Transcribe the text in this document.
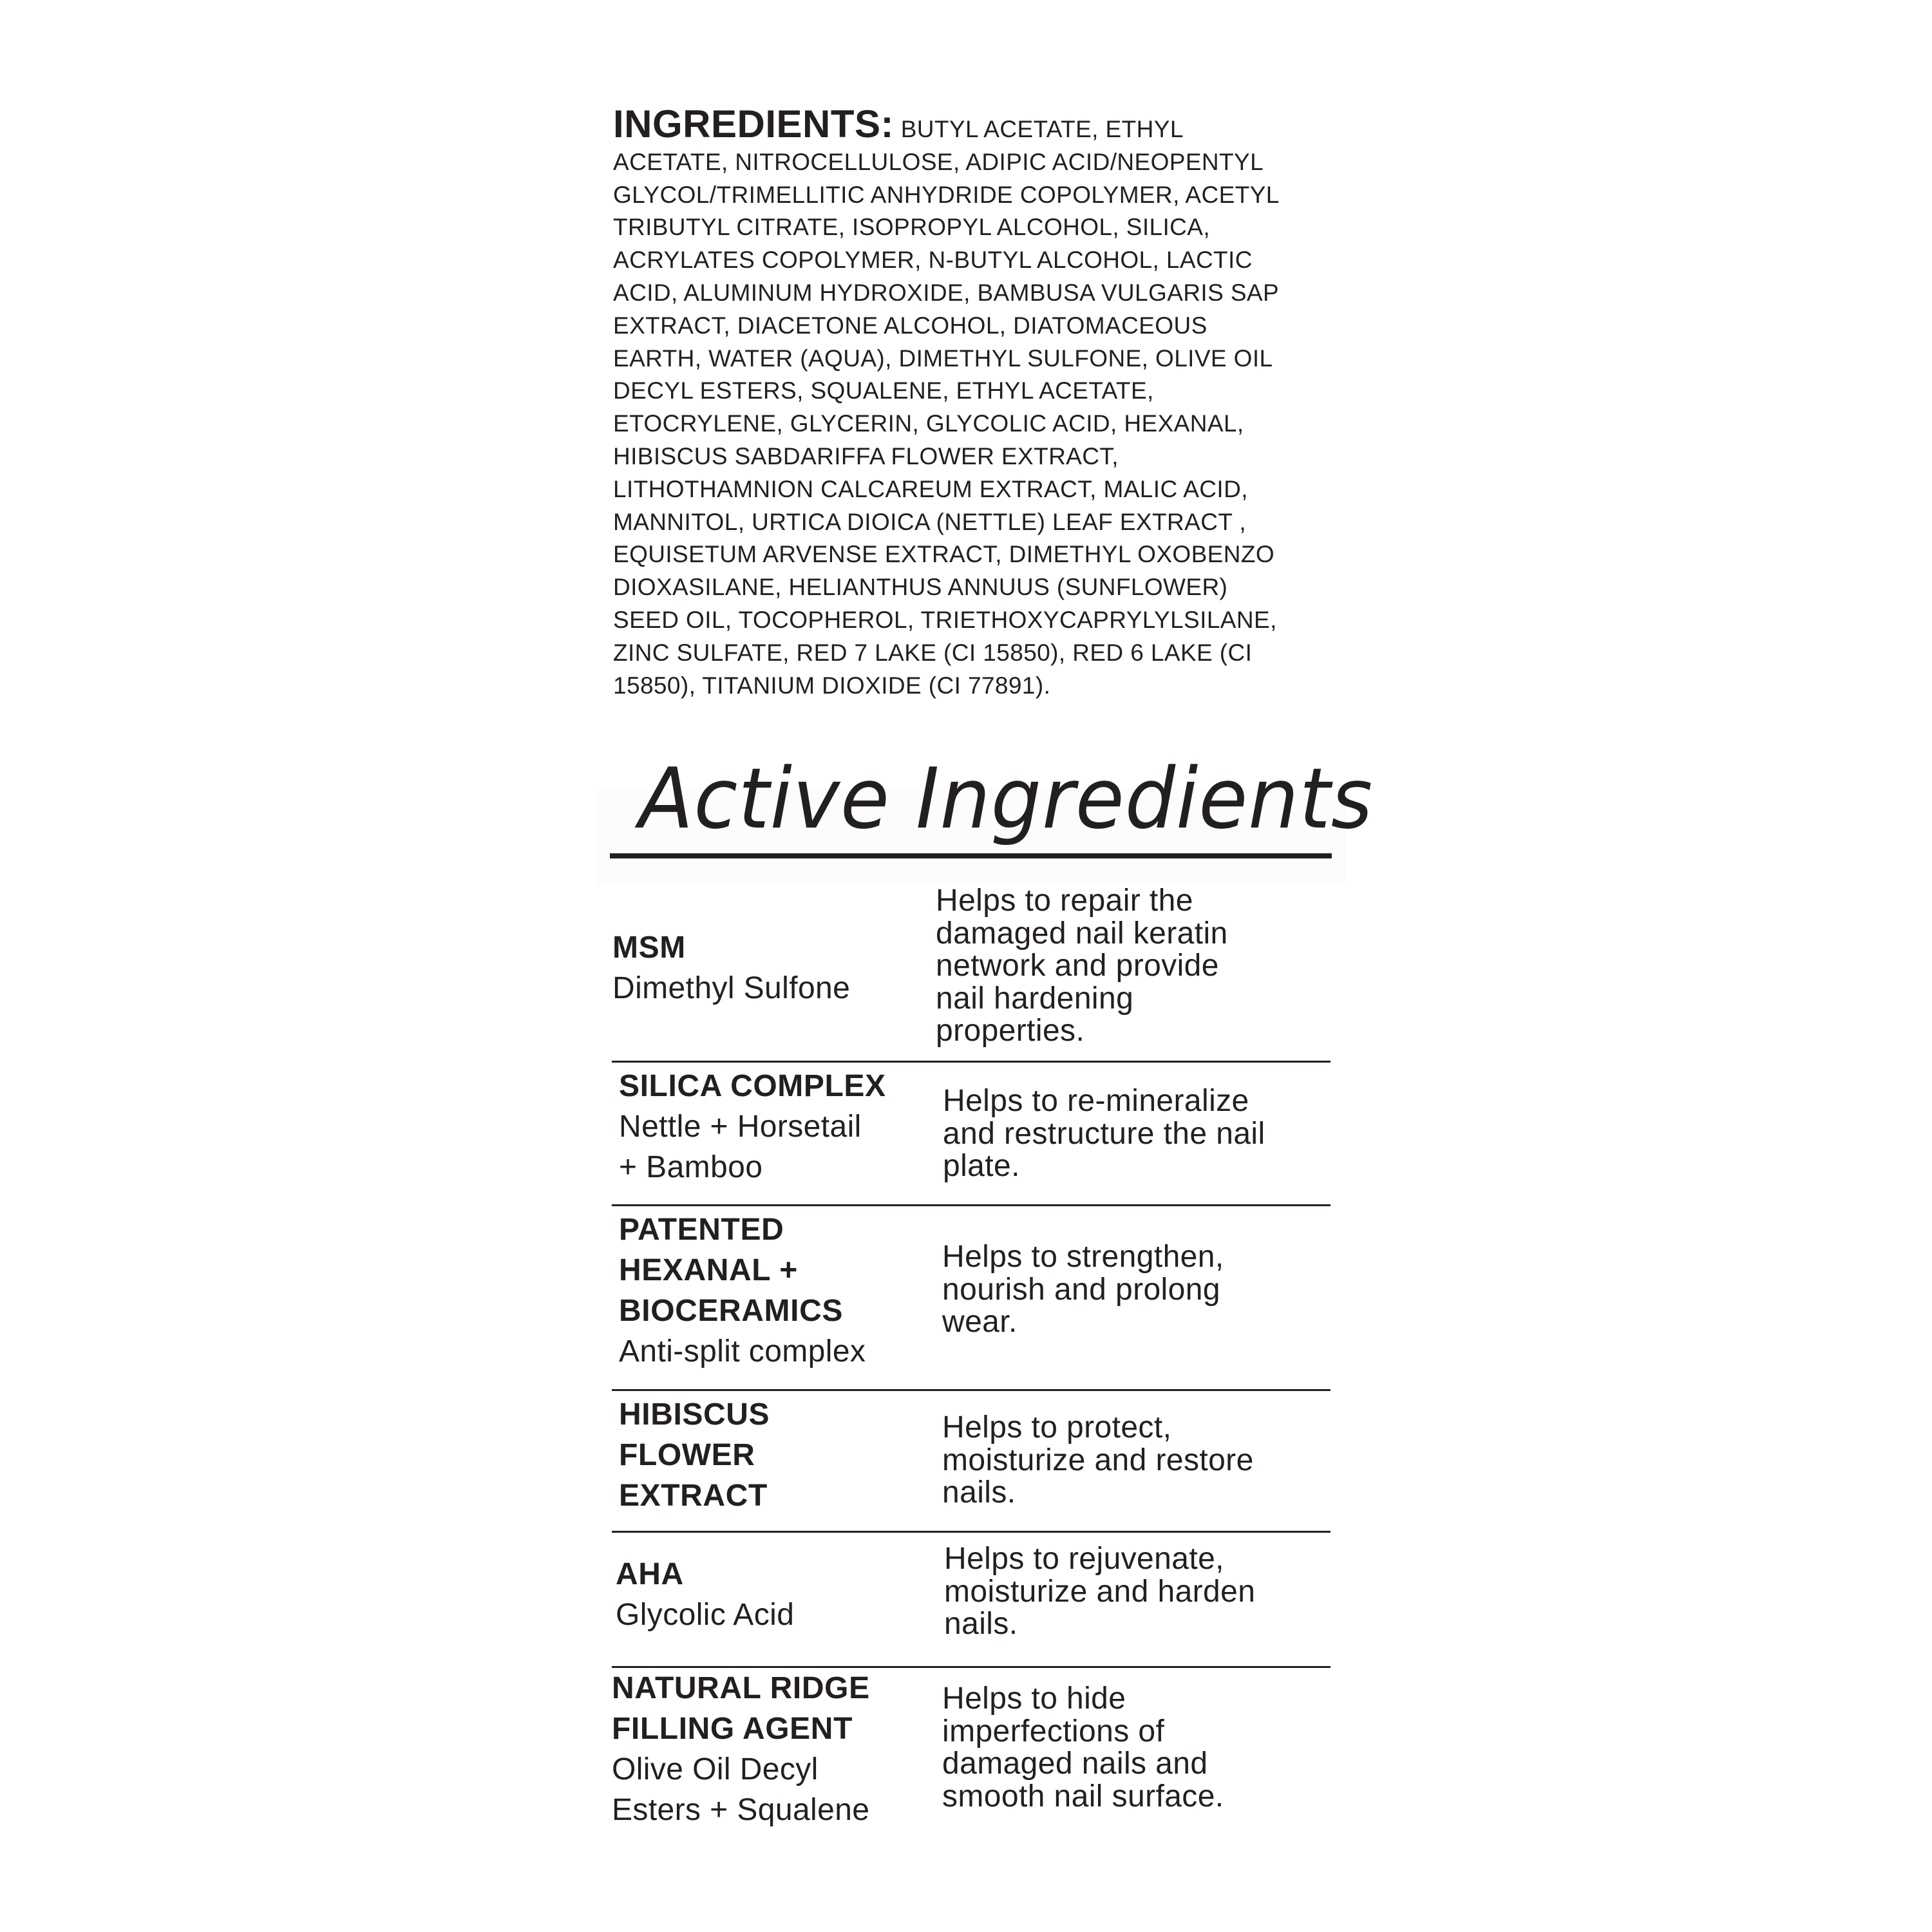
INGREDIENTS: BUTYL ACETATE, ETHYL
ACETATE, NITROCELLULOSE, ADIPIC ACID/NEOPENTYL
GLYCOL/TRIMELLITIC ANHYDRIDE COPOLYMER, ACETYL
TRIBUTYL CITRATE, ISOPROPYL ALCOHOL, SILICA,
ACRYLATES COPOLYMER, N-BUTYL ALCOHOL, LACTIC
ACID, ALUMINUM HYDROXIDE, BAMBUSA VULGARIS SAP
EXTRACT, DIACETONE ALCOHOL, DIATOMACEOUS
EARTH, WATER (AQUA), DIMETHYL SULFONE, OLIVE OIL
DECYL ESTERS, SQUALENE, ETHYL ACETATE,
ETOCRYLENE, GLYCERIN, GLYCOLIC ACID, HEXANAL,
HIBISCUS SABDARIFFA FLOWER EXTRACT,
LITHOTHAMNION CALCAREUM EXTRACT, MALIC ACID,
MANNITOL, URTICA DIOICA (NETTLE) LEAF EXTRACT ,
EQUISETUM ARVENSE EXTRACT, DIMETHYL OXOBENZO
DIOXASILANE, HELIANTHUS ANNUUS (SUNFLOWER)
SEED OIL, TOCOPHEROL, TRIETHOXYCAPRYLYLSILANE,
ZINC SULFATE, RED 7 LAKE (CI 15850), RED 6 LAKE (CI
15850), TITANIUM DIOXIDE (CI 77891).
Active Ingredients
MSM
Dimethyl Sulfone
Helps to repair the
damaged nail keratin
network and provide
nail hardening
properties.
SILICA COMPLEX
Nettle + Horsetail
+ Bamboo
Helps to re-mineralize
and restructure the nail
plate.
PATENTED
HEXANAL +
BIOCERAMICS
Anti-split complex
Helps to strengthen,
nourish and prolong
wear.
HIBISCUS
FLOWER
EXTRACT
Helps to protect,
moisturize and restore
nails.
AHA
Glycolic Acid
Helps to rejuvenate,
moisturize and harden
nails.
NATURAL RIDGE
FILLING AGENT
Olive Oil Decyl
Esters + Squalene
Helps to hide
imperfections of
damaged nails and
smooth nail surface.
